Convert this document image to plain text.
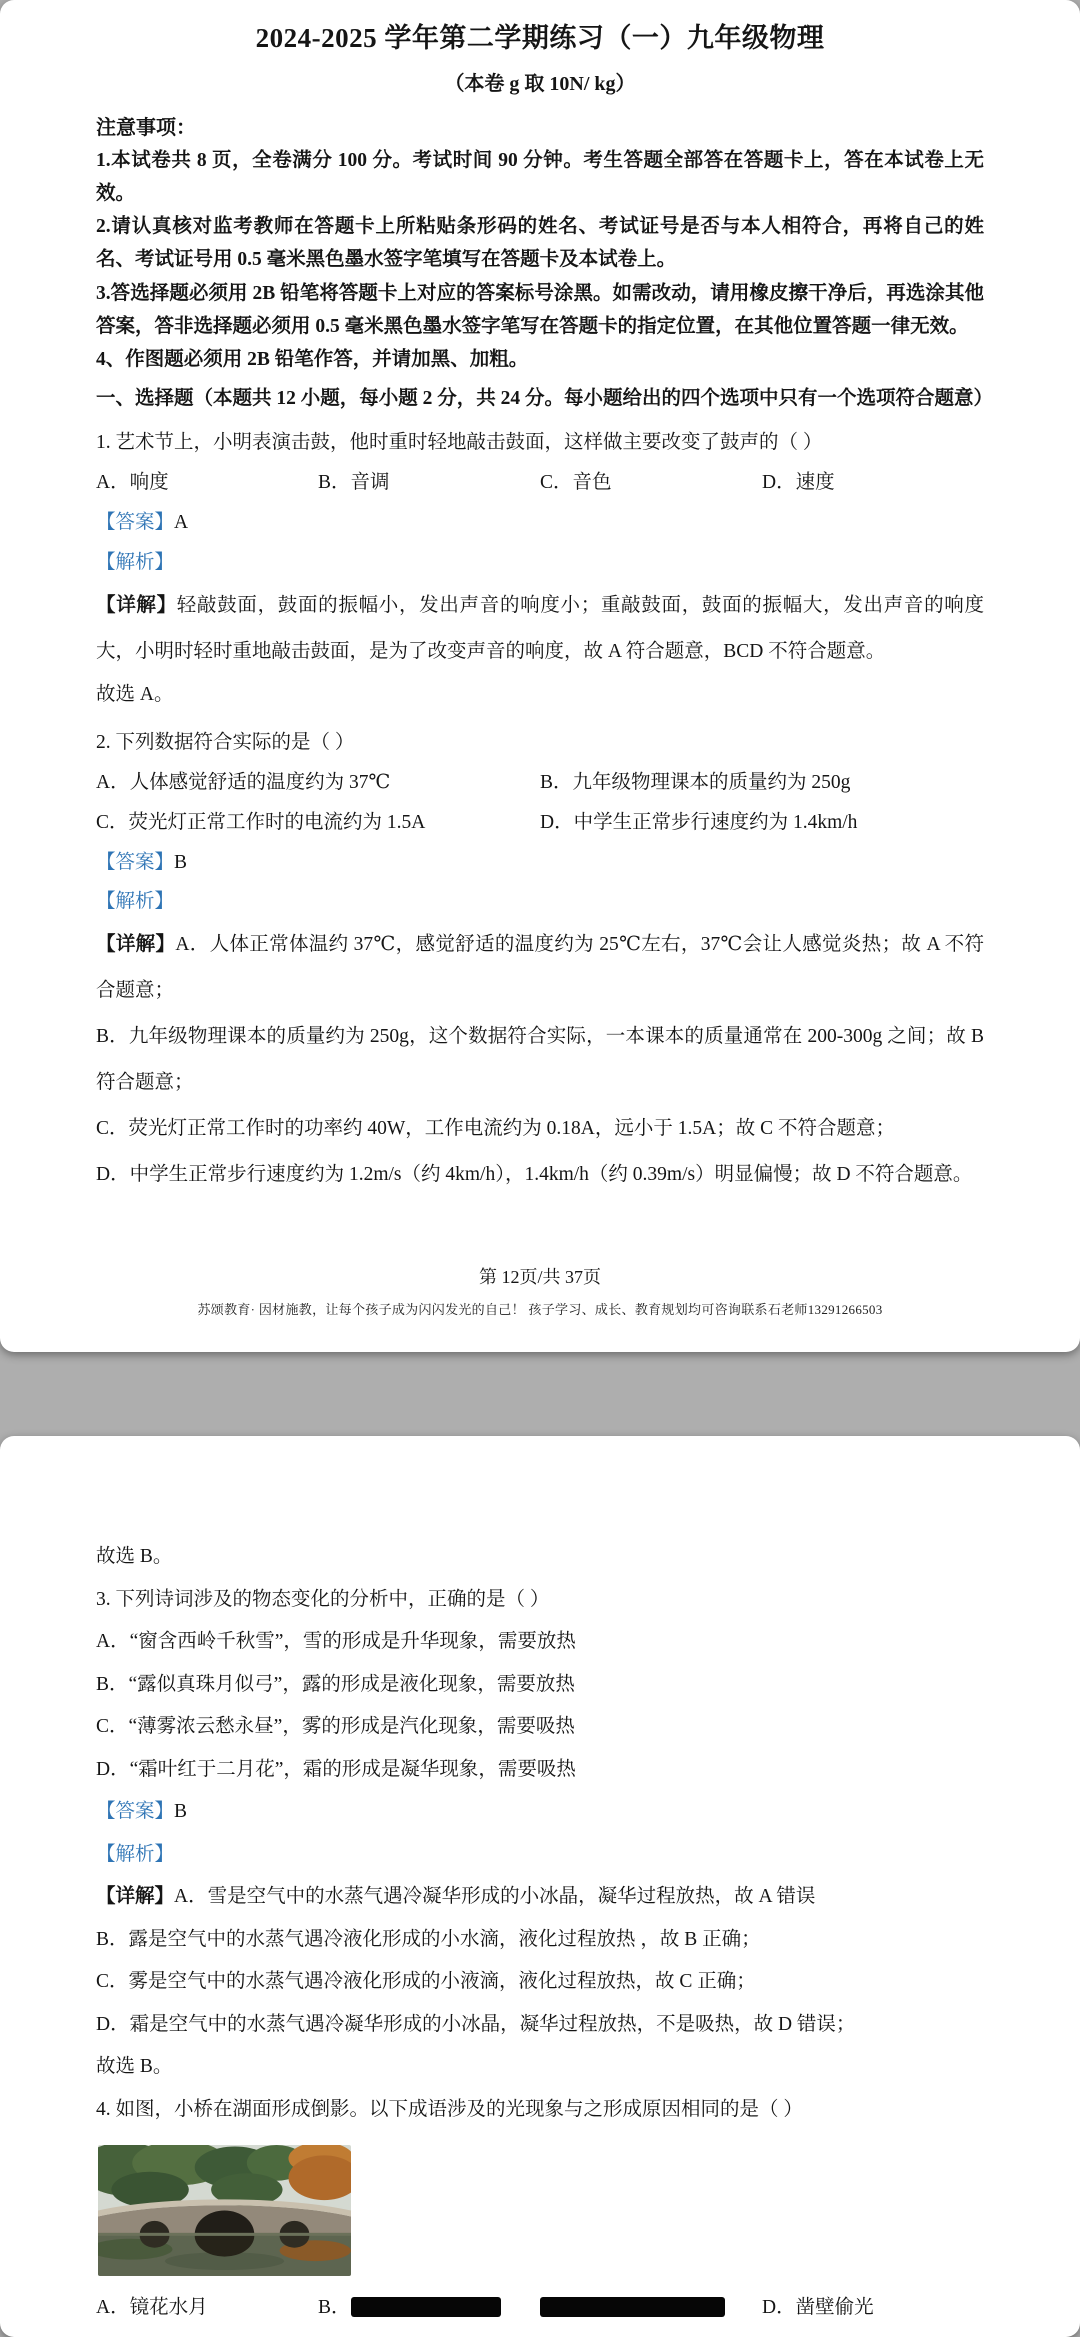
2024-2025 学年第二学期练习（一）九年级物理
（本卷 g 取 10N/ kg）
注意事项：

1.本试卷共 8 页，全卷满分 100 分。考试时间 90 分钟。考生答题全部答在答题卡上，答在本试卷上无效。

2.请认真核对监考教师在答题卡上所粘贴条形码的姓名、考试证号是否与本人相符合，再将自己的姓名、考试证号用 0.5 毫米黑色墨水签字笔填写在答题卡及本试卷上。

3.答选择题必须用 2B 铅笔将答题卡上对应的答案标号涂黑。如需改动，请用橡皮擦干净后，再选涂其他答案，答非选择题必须用 0.5 毫米黑色墨水签字笔写在答题卡的指定位置，在其他位置答题一律无效。

4、作图题必须用 2B 铅笔作答，并请加黑、加粗。

一、选择题（本题共 12 小题，每小题 2 分，共 24 分。每小题给出的四个选项中只有一个选项符合题意）

1. 艺术节上，小明表演击鼓，他时重时轻地敲击鼓面，这样做主要改变了鼓声的（ ）

A．响度	B．音调	C．音色	D．速度

【答案】A

【解析】

【详解】轻敲鼓面，鼓面的振幅小，发出声音的响度小；重敲鼓面，鼓面的振幅大，发出声音的响度大，小明时轻时重地敲击鼓面，是为了改变声音的响度，故 A 符合题意，BCD 不符合题意。

故选 A。

2. 下列数据符合实际的是（ ）

A．人体感觉舒适的温度约为 37℃	B．九年级物理课本的质量约为 250g
C．荧光灯正常工作时的电流约为 1.5A	D．中学生正常步行速度约为 1.4km/h

【答案】B

【解析】

【详解】A．人体正常体温约 37℃，感觉舒适的温度约为 25℃左右，37℃会让人感觉炎热；故 A 不符合题意；

B．九年级物理课本的质量约为 250g，这个数据符合实际，一本课本的质量通常在 200-300g 之间；故 B 符合题意；

C．荧光灯正常工作时的功率约 40W，工作电流约为 0.18A，远小于 1.5A；故 C 不符合题意；

D．中学生正常步行速度约为 1.2m/s（约 4km/h），1.4km/h（约 0.39m/s）明显偏慢；故 D 不符合题意。

第 12页/共 37页
苏颂教育· 因材施教，让每个孩子成为闪闪发光的自己！ 孩子学习、成长、教育规划均可咨询联系石老师13291266503

故选 B。

3. 下列诗词涉及的物态变化的分析中，正确的是（ ）

A．“窗含西岭千秋雪”，雪的形成是升华现象，需要放热

B．“露似真珠月似弓”，露的形成是液化现象，需要放热

C．“薄雾浓云愁永昼”，雾的形成是汽化现象，需要吸热

D．“霜叶红于二月花”，霜的形成是凝华现象，需要吸热

【答案】B

【解析】

【详解】A．雪是空气中的水蒸气遇冷凝华形成的小冰晶，凝华过程放热，故 A 错误

B．露是空气中的水蒸气遇冷液化形成的小水滴，液化过程放热 ，故 B 正确；

C．雾是空气中的水蒸气遇冷液化形成的小液滴，液化过程放热，故 C 正确；

D．霜是空气中的水蒸气遇冷凝华形成的小冰晶，凝华过程放热，不是吸热，故 D 错误；

故选 B。

4. 如图，小桥在湖面形成倒影。以下成语涉及的光现象与之形成原因相同的是（ ）

A．镜花水月	B．	D．凿壁偷光
